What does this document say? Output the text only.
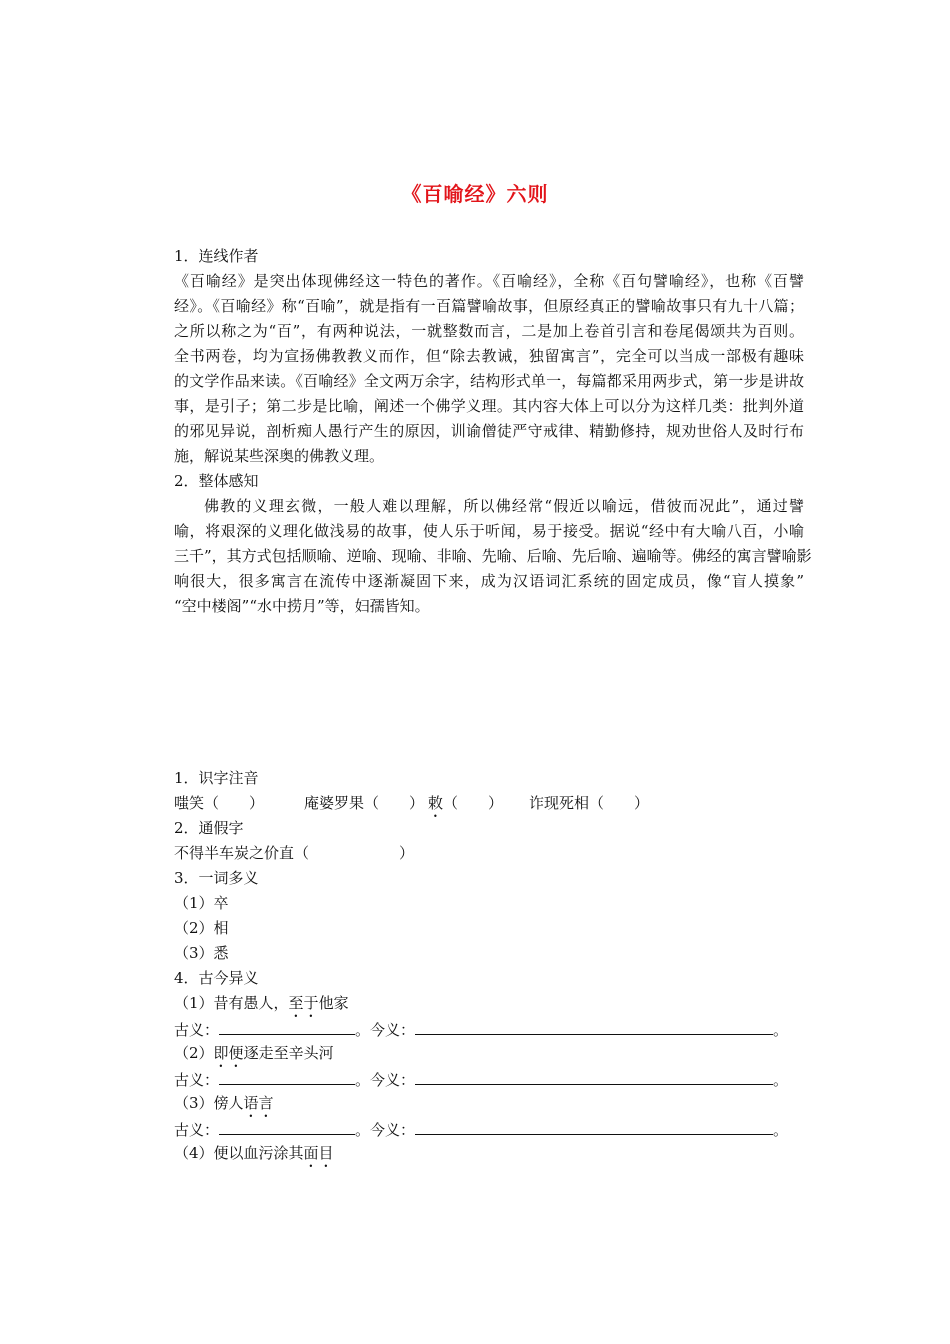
《百喻经》六则
1．连线作者
《百喻经》是突出体现佛经这一特色的著作。《百喻经》，全称《百句譬喻经》，也称《百譬
经》。《百喻经》称“百喻”，就是指有一百篇譬喻故事，但原经真正的譬喻故事只有九十八篇；
之所以称之为“百”，有两种说法，一就整数而言，二是加上卷首引言和卷尾偈颂共为百则。
全书两卷，均为宣扬佛教教义而作，但“除去教诫，独留寓言”，完全可以当成一部极有趣味
的文学作品来读。《百喻经》全文两万余字，结构形式单一，每篇都采用两步式，第一步是讲故
事，是引子；第二步是比喻，阐述一个佛学义理。其内容大体上可以分为这样几类：批判外道
的邪见异说，剖析痴人愚行产生的原因，训谕僧徒严守戒律、精勤修持，规劝世俗人及时行布
施，解说某些深奥的佛教义理。
2．整体感知
佛教的义理玄微，一般人难以理解，所以佛经常“假近以喻远，借彼而况此”，通过譬
喻，将艰深的义理化做浅易的故事，使人乐于听闻，易于接受。据说“经中有大喻八百，小喻
三千”，其方式包括顺喻、逆喻、现喻、非喻、先喻、后喻、先后喻、遍喻等。佛经的寓言譬喻影
响很大，很多寓言在流传中逐渐凝固下来，成为汉语词汇系统的固定成员，像“盲人摸象”
“空中楼阁”“水中捞月”等，妇孺皆知。
1．识字注音
嗤笑（　　）	庵婆罗果（　　） 敕（　　） 诈现死相（　　）
2．通假字
不得半车炭之价直（　　　　　　）
3．一词多义
（1）卒
（2）相
（3）悉
4．古今异义
（1）昔有愚人，至于他家
古义：	。今义：	。
（2）即便逐走至辛头河
古义：	。今义：	。
（3）傍人语言
古义：	。今义：	。
（4）便以血污涂其面目
